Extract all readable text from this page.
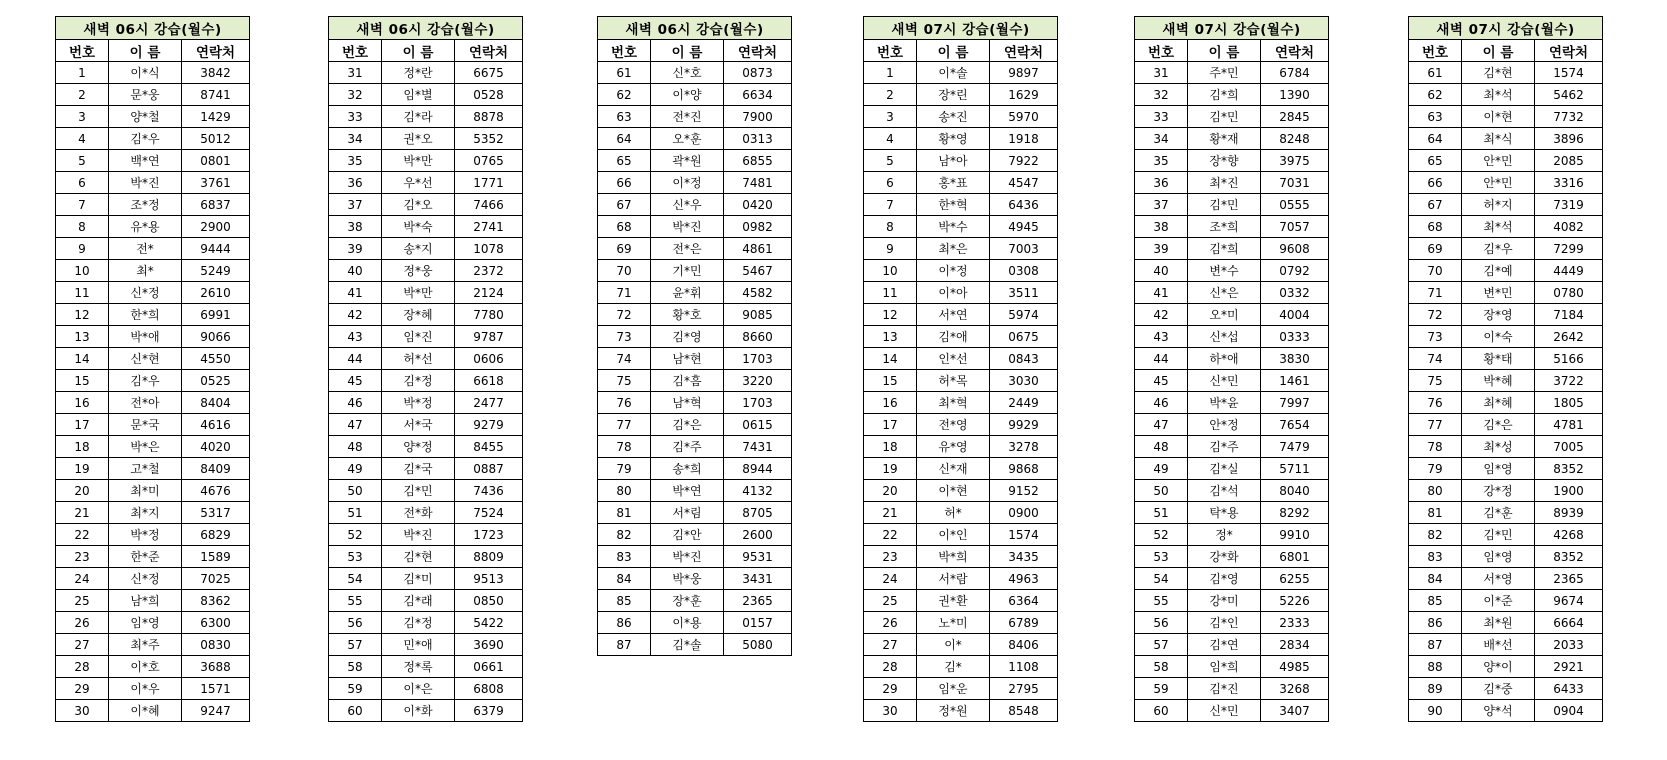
새벽 06시 강습(월수)		
번호	이 름	연락처
1	이*식	3842
2	문*웅	8741
3	양*철	1429
4	김*우	5012
5	백*연	0801
6	박*진	3761
7	조*정	6837
8	유*용	2900
9	전*	9444
10	최*	5249
11	신*정	2610
12	한*희	6991
13	박*애	9066
14	신*현	4550
15	김*우	0525
16	전*아	8404
17	문*국	4616
18	박*은	4020
19	고*철	8409
20	최*미	4676
21	최*지	5317
22	박*정	6829
23	한*준	1589
24	신*정	7025
25	남*희	8362
26	임*영	6300
27	최*주	0830
28	이*호	3688
29	이*우	1571
30	이*혜	9247
새벽 06시 강습(월수)		
번호	이 름	연락처
31	정*란	6675
32	임*별	0528
33	김*라	8878
34	권*오	5352
35	박*만	0765
36	우*선	1771
37	김*오	7466
38	박*숙	2741
39	송*지	1078
40	정*웅	2372
41	박*만	2124
42	장*혜	7780
43	임*진	9787
44	허*선	0606
45	김*정	6618
46	박*정	2477
47	서*국	9279
48	양*정	8455
49	김*국	0887
50	김*민	7436
51	전*화	7524
52	박*진	1723
53	김*현	8809
54	김*미	9513
55	김*래	0850
56	김*정	5422
57	민*애	3690
58	정*록	0661
59	이*은	6808
60	이*화	6379
새벽 06시 강습(월수)		
번호	이 름	연락처
61	신*호	0873
62	이*양	6634
63	전*진	7900
64	오*훈	0313
65	곽*원	6855
66	이*정	7481
67	신*우	0420
68	박*진	0982
69	전*은	4861
70	기*민	5467
71	윤*휘	4582
72	황*호	9085
73	김*영	8660
74	남*현	1703
75	김*흠	3220
76	남*혁	1703
77	김*은	0615
78	김*주	7431
79	송*희	8944
80	박*연	4132
81	서*림	8705
82	김*안	2600
83	박*진	9531
84	박*웅	3431
85	장*훈	2365
86	이*용	0157
87	김*솔	5080
새벽 07시 강습(월수)		
번호	이 름	연락처
1	이*솔	9897
2	장*린	1629
3	송*진	5970
4	황*영	1918
5	남*아	7922
6	홍*표	4547
7	한*혁	6436
8	박*수	4945
9	최*은	7003
10	이*정	0308
11	이*아	3511
12	서*연	5974
13	김*애	0675
14	인*선	0843
15	허*목	3030
16	최*혁	2449
17	전*영	9929
18	유*영	3278
19	신*재	9868
20	이*현	9152
21	허*	0900
22	이*인	1574
23	박*희	3435
24	서*람	4963
25	권*환	6364
26	노*미	6789
27	이*	8406
28	김*	1108
29	임*운	2795
30	정*원	8548
새벽 07시 강습(월수)		
번호	이 름	연락처
31	주*민	6784
32	김*희	1390
33	김*민	2845
34	황*재	8248
35	장*향	3975
36	최*진	7031
37	김*민	0555
38	조*희	7057
39	김*희	9608
40	변*수	0792
41	신*은	0332
42	오*미	4004
43	신*섭	0333
44	하*애	3830
45	신*민	1461
46	박*윤	7997
47	안*정	7654
48	김*주	7479
49	김*실	5711
50	김*석	8040
51	탁*용	8292
52	정*	9910
53	강*화	6801
54	김*영	6255
55	강*미	5226
56	김*인	2333
57	김*연	2834
58	임*희	4985
59	김*진	3268
60	신*민	3407
새벽 07시 강습(월수)		
번호	이 름	연락처
61	김*현	1574
62	최*석	5462
63	이*현	7732
64	최*식	3896
65	안*민	2085
66	안*민	3316
67	허*지	7319
68	최*석	4082
69	김*우	7299
70	김*예	4449
71	변*민	0780
72	장*영	7184
73	이*숙	2642
74	황*태	5166
75	박*혜	3722
76	최*혜	1805
77	김*은	4781
78	최*성	7005
79	임*영	8352
80	강*정	1900
81	김*훈	8939
82	김*민	4268
83	임*영	8352
84	서*영	2365
85	이*준	9674
86	최*원	6664
87	배*선	2033
88	양*이	2921
89	김*중	6433
90	양*석	0904
